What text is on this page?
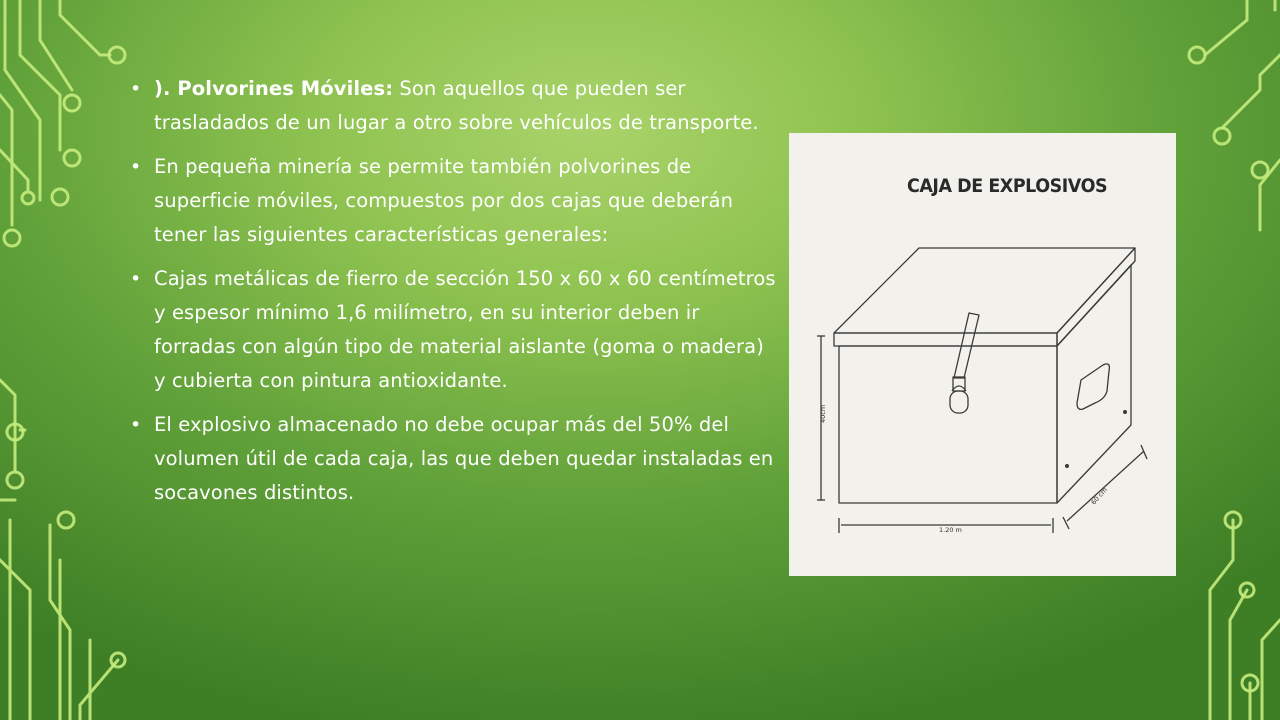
• ). Polvorines Móviles: Son aquellos que pueden ser trasladados de un lugar a otro sobre vehículos de transporte.
• En pequeña minería se permite también polvorines de superficie móviles, compuestos por dos cajas que deberán tener las siguientes características generales:
• Cajas metálicas de fierro de sección 150 x 60 x 60 centímetros y espesor mínimo 1,6 milímetro, en su interior deben ir forradas con algún tipo de material aislante (goma o madera) y cubierta con pintura antioxidante.
• El explosivo almacenado no debe ocupar más del 50% del volumen útil de cada caja, las que deben quedar instaladas en socavones distintos.
40cm
1.20 m
60 cm
CAJA DE EXPLOSIVOS
